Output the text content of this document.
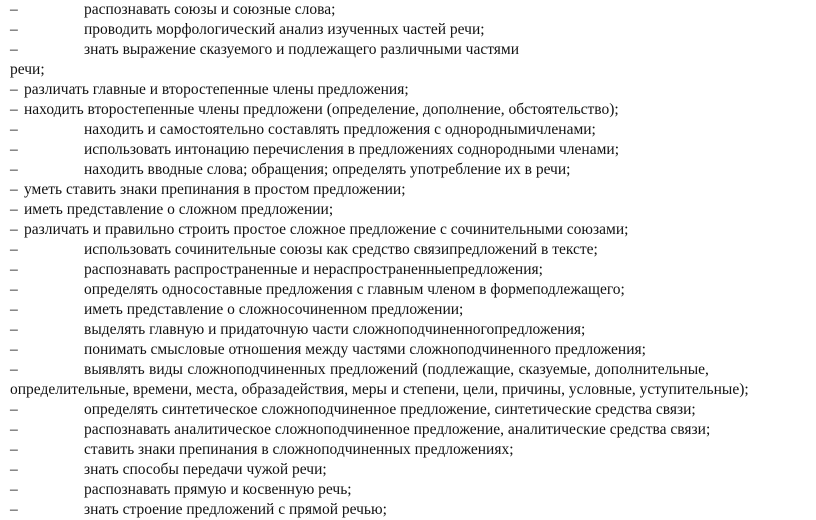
–	распознавать союзы и союзные слова;
–	проводить морфологический анализ изученных частей речи;
–	знать выражение сказуемого и подлежащего различными частями
речи;
– различать главные и второстепенные члены предложения;
– находить второстепенные члены предложени (определение, дополнение, обстоятельство);
–	находить и самостоятельно составлять предложения с однороднымичленами;
–	использовать интонацию перечисления в предложениях соднородными членами;
–	находить вводные слова; обращения; определять употребление их в речи;
– уметь ставить знаки препинания в простом предложении;
– иметь представление о сложном предложении;
– различать и правильно строить простое сложное предложение с сочинительными союзами;
–	использовать сочинительные союзы как средство связипредложений в тексте;
–	распознавать распространенные и нераспространенныепредложения;
–	определять односоставные предложения с главным членом в формеподлежащего;
–	иметь представление о сложносочиненном предложении;
–	выделять главную и придаточную части сложноподчиненногопредложения;
–	понимать смысловые отношения между частями сложноподчиненного предложения;
–	выявлять     виды     сложноподчиненных     предложений     (подлежащие,     сказуемые,     дополнительные,
определительные, времени, места, образадействия, меры и степени, цели, причины, условные, уступительные);
–	определять синтетическое сложноподчиненное предложение, синтетические средства связи;
–	распознавать аналитическое сложноподчиненное предложение, аналитические средства связи;
–	ставить знаки препинания в сложноподчиненных предложениях;
–	знать способы передачи чужой речи;
–	распознавать прямую и косвенную речь;
–	знать строение предложений с прямой речью;
